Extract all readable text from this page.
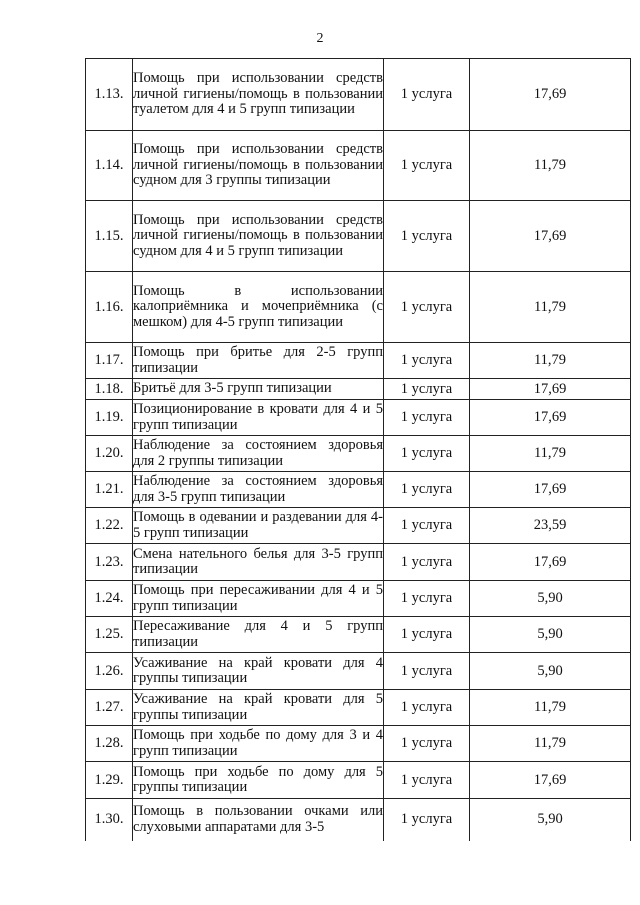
2
1.13.	Помощь при использовании средств личной гигиены/помощь в пользовании туалетом для 4 и 5 групп типизации	1 услуга	17,69
1.14.	Помощь при использовании средств личной гигиены/помощь в пользовании судном для 3 группы типизации	1 услуга	11,79
1.15.	Помощь при использовании средств личной гигиены/помощь в пользовании судном для 4 и 5 групп типизации	1 услуга	17,69
1.16.	Помощь в использовании калоприёмника и мочеприёмника (с мешком) для 4-5 групп типизации	1 услуга	11,79
1.17.	Помощь при бритье для 2-5 групп типизации	1 услуга	11,79
1.18.	Бритьё для 3-5 групп типизации	1 услуга	17,69
1.19.	Позиционирование в кровати для 4 и 5 групп типизации	1 услуга	17,69
1.20.	Наблюдение за состоянием здоровья для 2 группы типизации	1 услуга	11,79
1.21.	Наблюдение за состоянием здоровья для 3-5 групп типизации	1 услуга	17,69
1.22.	Помощь в одевании и раздевании для 4-5 групп типизации	1 услуга	23,59
1.23.	Смена нательного белья для 3-5 групп типизации	1 услуга	17,69
1.24.	Помощь при пересаживании для 4 и 5 групп типизации	1 услуга	5,90
1.25.	Пересаживание для 4 и 5 групп типизации	1 услуга	5,90
1.26.	Усаживание на край кровати для 4 группы типизации	1 услуга	5,90
1.27.	Усаживание на край кровати для 5 группы типизации	1 услуга	11,79
1.28.	Помощь при ходьбе по дому для 3 и 4 групп типизации	1 услуга	11,79
1.29.	Помощь при ходьбе по дому для 5 группы типизации	1 услуга	17,69
1.30.	Помощь в пользовании очками или слуховыми аппаратами для 3-5	1 услуга	5,90
